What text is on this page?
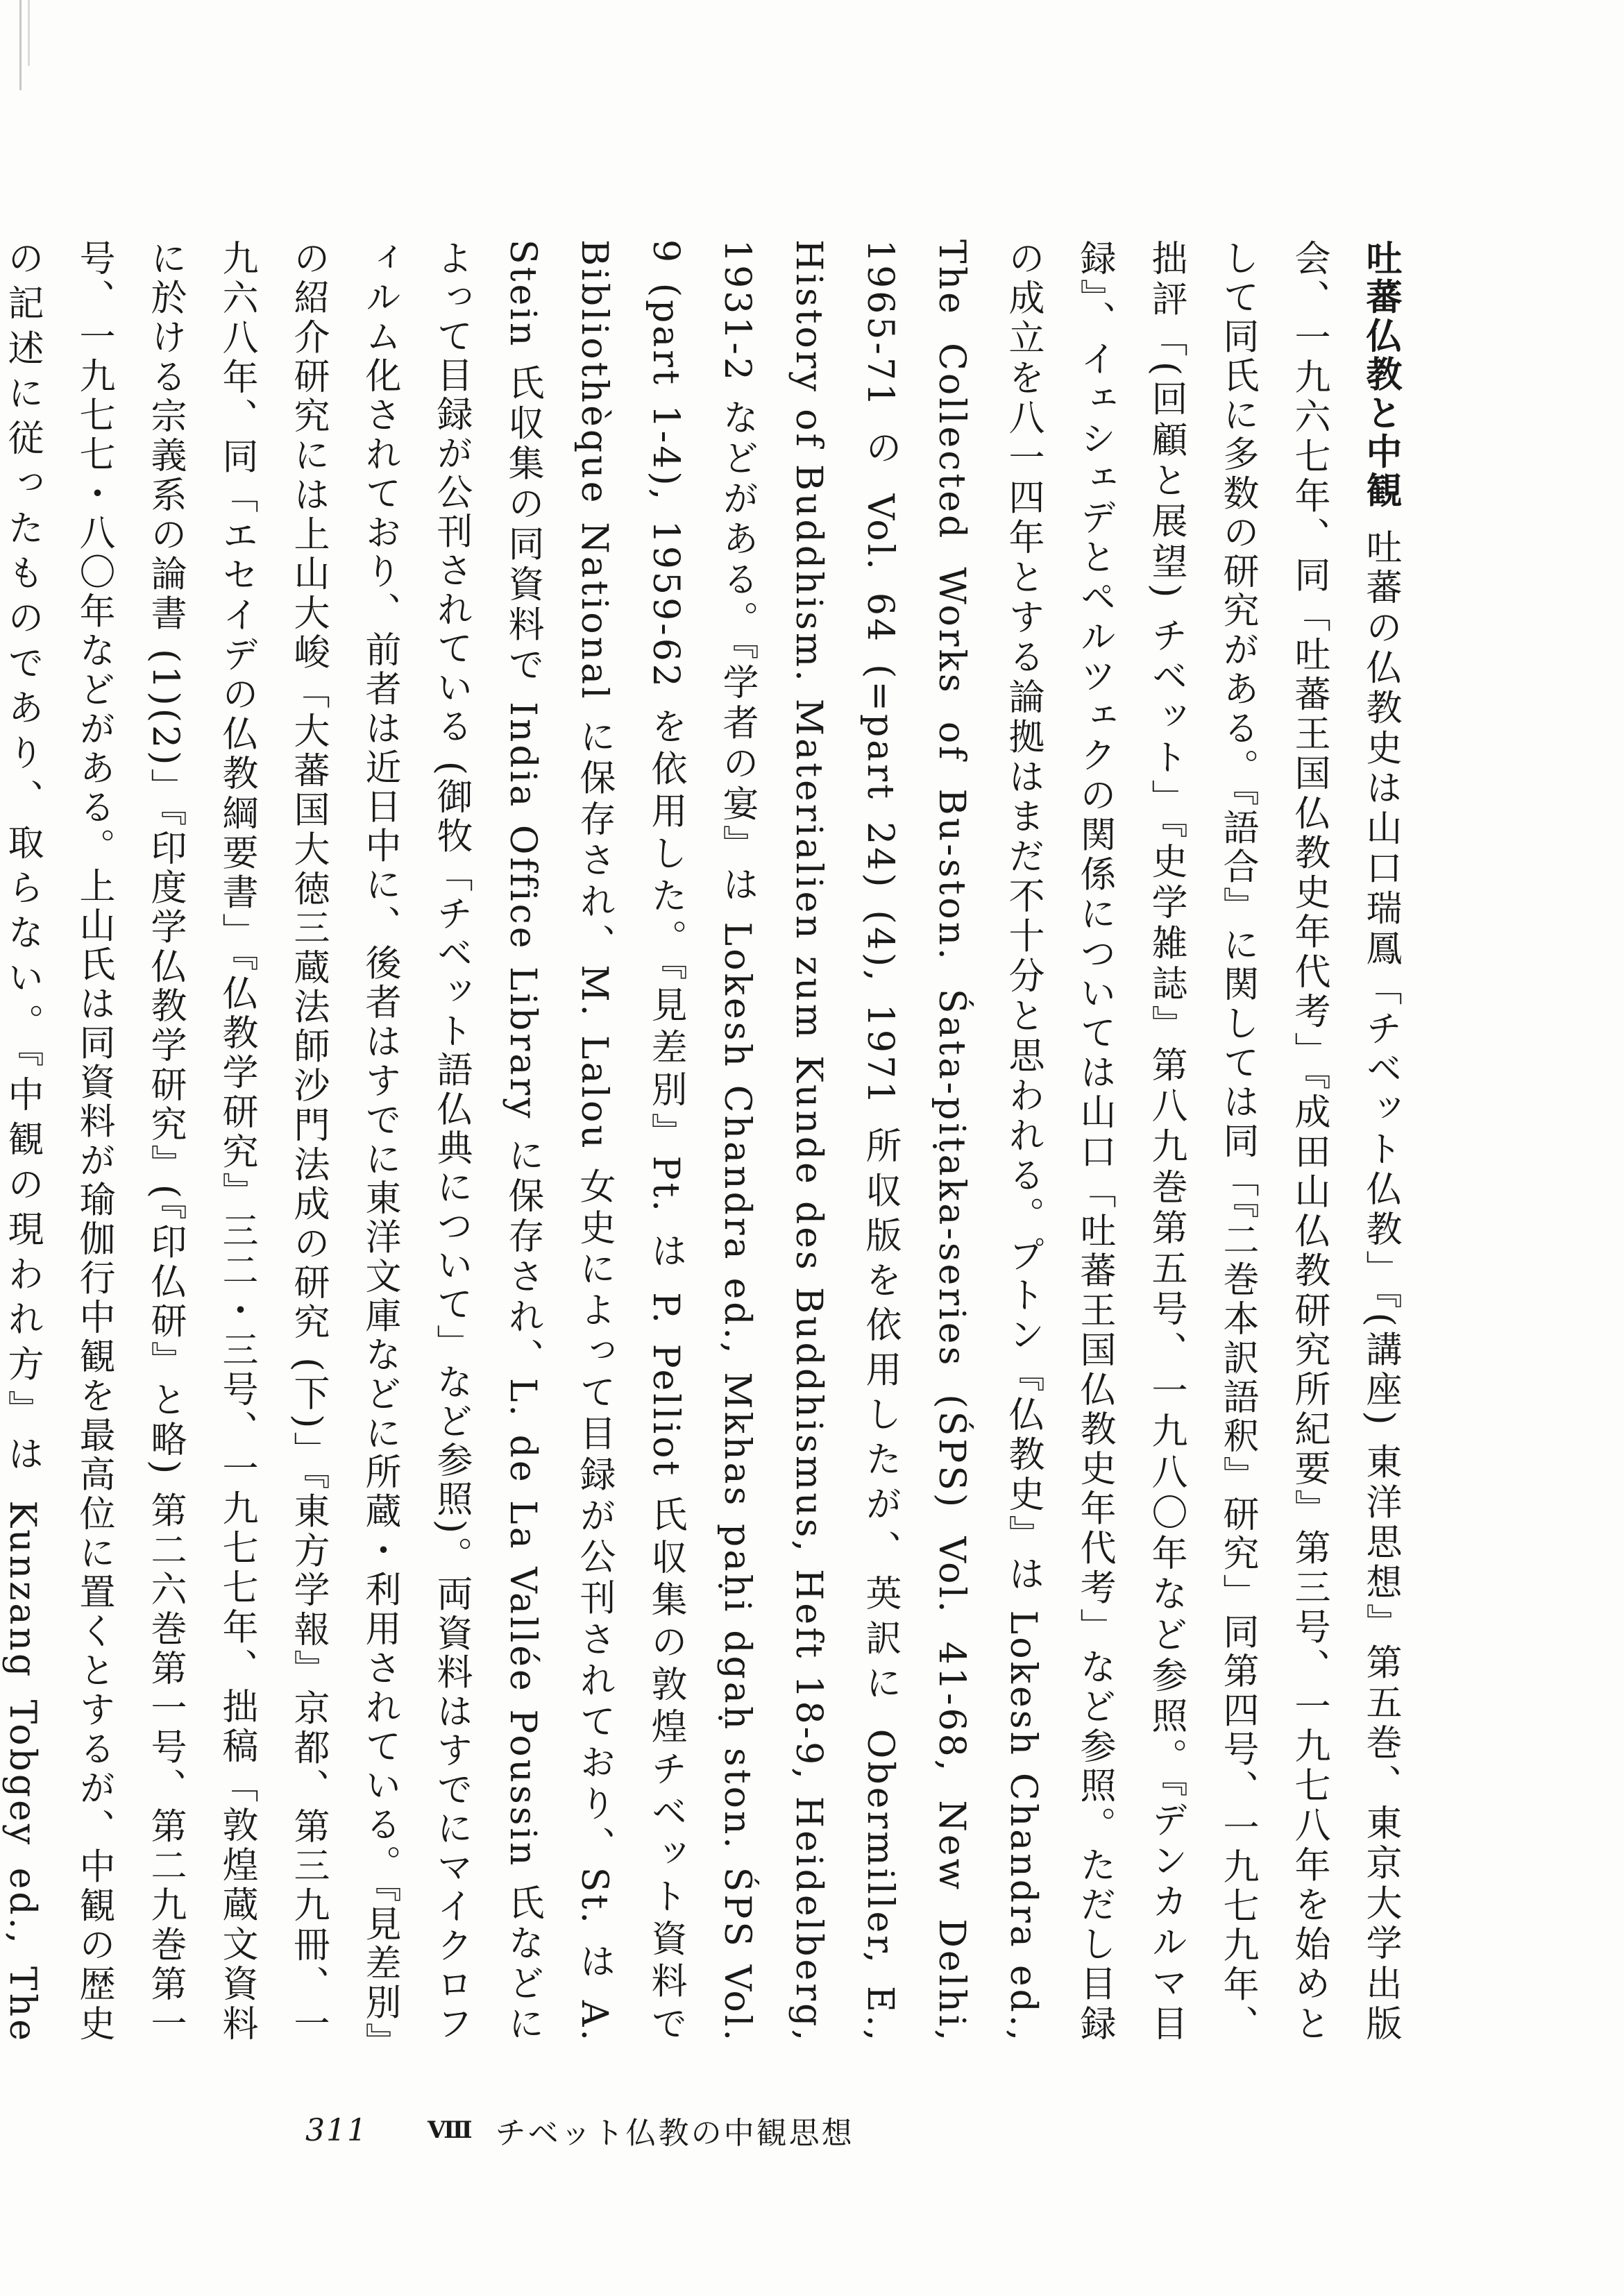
吐蕃仏教と中観吐蕃の仏教史は山口瑞鳳「チベット仏教」『(講座) 東洋思想』第五巻、東京大学出版会、一九六七年、同「吐蕃王国仏教史年代考」『成田山仏教研究所紀要』第三号、一九七八年を始めとして同氏に多数の研究がある。『語合』に関しては同「『二巻本訳語釈』研究」同第四号、一九七九年、拙評「(回顧と展望) チベット」『史学雑誌』第八九巻第五号、一九八〇年など参照。『デンカルマ目録』、イェシェデとペルツェクの関係については山口「吐蕃王国仏教史年代考」など参照。ただし目録の成立を八一四年とする論拠はまだ不十分と思われる。プトン『仏教史』は Lokesh Chandra ed., The Collected Works of Bu-ston. Śata-piṭaka-series (ŚPS) Vol. 41-68, New Delhi, 1965-71 の Vol. 64 (=part 24) (4), 1971 所収版を依用したが、英訳に Obermiller, E., History of Buddhism. Materialien zum Kunde des Buddhismus, Heft 18-9, Heidelberg, 1931-2 などがある。『学者の宴』は Lokesh Chandra ed., Mkhas paḥi dgaḥ ston. ŚPS Vol. 9 (part 1-4), 1959-62 を依用した。『見差別』Pt. は P. Pelliot 氏収集の敦煌チベット資料で Bibliothèque National に保存され、M. Lalou 女史によって目録が公刊されており、St. は A. Stein 氏収集の同資料で India Office Library に保存され、L. de La Vallée Poussin 氏などによって目録が公刊されている (御牧「チベット語仏典について」など参照)。両資料はすでにマイクロフィルム化されており、前者は近日中に、後者はすでに東洋文庫などに所蔵・利用されている。『見差別』の紹介研究には上山大峻「大蕃国大徳三蔵法師沙門法成の研究 (下)」『東方学報』京都、第三九冊、一九六八年、同「エセイデの仏教綱要書」『仏教学研究』三二・三号、一九七七年、拙稿「敦煌蔵文資料に於ける宗義系の論書 (1)(2)」『印度学仏教学研究』(『印仏研』と略) 第二六巻第一号、第二九巻第一号、一九七七・八〇年などがある。上山氏は同資料が瑜伽行中観を最高位に置くとするが、中観の歴史の記述に従ったものであり、取らない。『中観の現われ方』は Kunzang Tobgey ed., The

311	Ⅷ チベット仏教の中観思想
